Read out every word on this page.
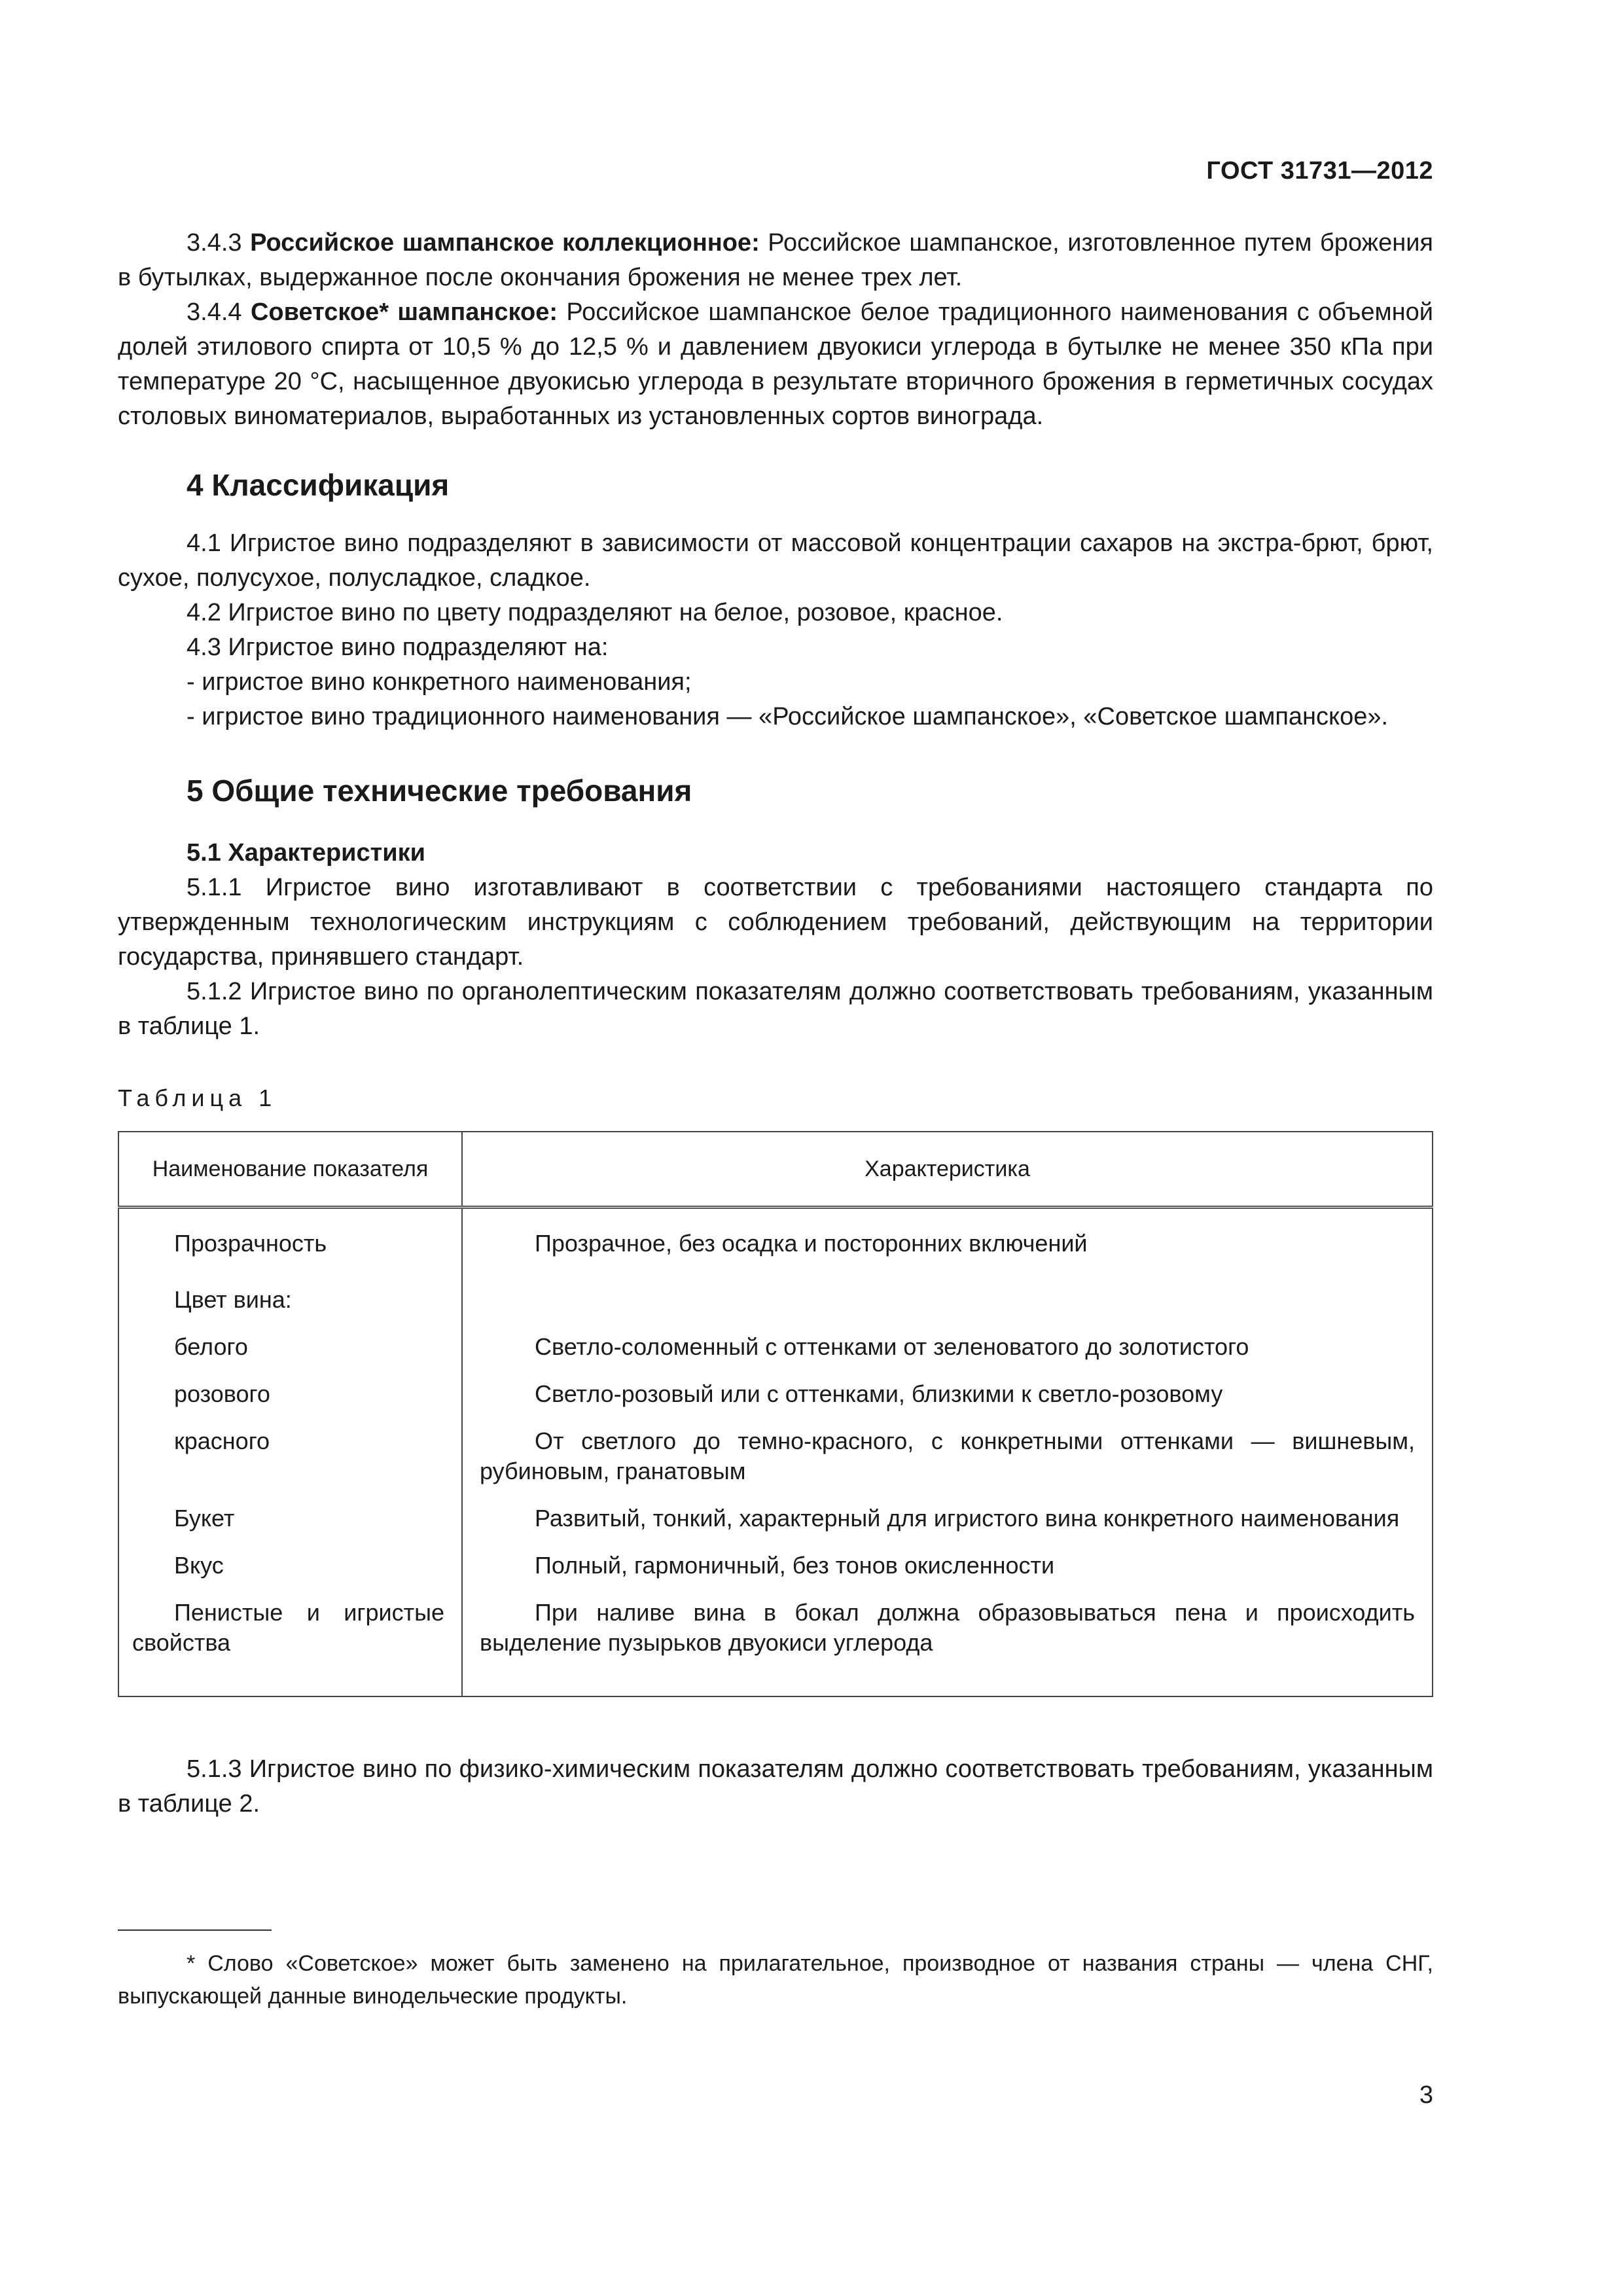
ГОСТ 31731—2012

3.4.3 Российское шампанское коллекционное: Российское шампанское, изготовленное путем брожения в бутылках, выдержанное после окончания брожения не менее трех лет.

3.4.4 Советское* шампанское: Российское шампанское белое традиционного наименования с объемной долей этилового спирта от 10,5 % до 12,5 % и давлением двуокиси углерода в бутылке не менее 350 кПа при температуре 20 °С, насыщенное двуокисью углерода в результате вторичного брожения в герметичных сосудах столовых виноматериалов, выработанных из установленных сортов винограда.

4 Классификация

4.1 Игристое вино подразделяют в зависимости от массовой концентрации сахаров на экстра-брют, брют, сухое, полусухое, полусладкое, сладкое.

4.2 Игристое вино по цвету подразделяют на белое, розовое, красное.

4.3 Игристое вино подразделяют на:

- игристое вино конкретного наименования;

- игристое вино традиционного наименования — «Российское шампанское», «Советское шампанское».

5 Общие технические требования

5.1 Характеристики

5.1.1 Игристое вино изготавливают в соответствии с требованиями настоящего стандарта по утвержденным технологическим инструкциям с соблюдением требований, действующим на территории государства, принявшего стандарт.

5.1.2 Игристое вино по органолептическим показателям должно соответствовать требованиям, указанным в таблице 1.

Таблица 1

Наименование показателя	Характеристика

Прозрачность	Прозрачное, без осадка и посторонних включений

Цвет вина:	

белого	Светло-соломенный с оттенками от зеленоватого до золотистого

розового	Светло-розовый или с оттенками, близкими к светло-розовому

красного	От светлого до темно-красного, с конкретными оттенками — вишневым, рубиновым, гранатовым

Букет	Развитый, тонкий, характерный для игристого вина конкретного наименования

Вкус	Полный, гармоничный, без тонов окисленности

Пенистые и игристые свойства	При наливе вина в бокал должна образовываться пена и происходить выделение пузырьков двуокиси углерода

5.1.3 Игристое вино по физико-химическим показателям должно соответствовать требованиям, указанным в таблице 2.

* Слово «Советское» может быть заменено на прилагательное, производное от названия страны — члена СНГ, выпускающей данные винодельческие продукты.
3
